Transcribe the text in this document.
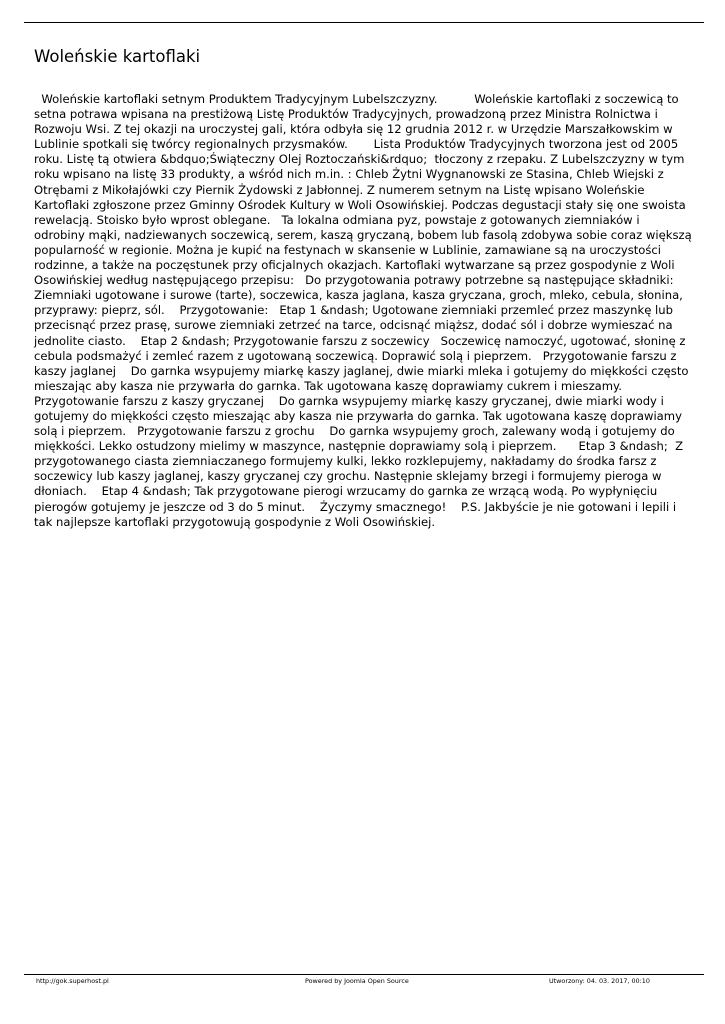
Woleńskie kartoflaki
Woleńskie kartoflaki setnym Produktem Tradycyjnym Lubelszczyzny.          Woleńskie kartoflaki z soczewicą to setna potrawa wpisana na prestiżową Listę Produktów Tradycyjnych, prowadzoną przez Ministra Rolnictwa i Rozwoju Wsi. Z tej okazji na uroczystej gali, która odbyła się 12 grudnia 2012 r. w Urzędzie Marszałkowskim w Lublinie spotkali się twórcy regionalnych przysmaków.       Lista Produktów Tradycyjnych tworzona jest od 2005 roku. Listę tą otwiera &bdquo;Świąteczny Olej Roztoczański&rdquo;  tłoczony z rzepaku. Z Lubelszczyzny w tym roku wpisano na listę 33 produkty, a wśród nich m.in. : Chleb Żytni Wygnanowski ze Stasina, Chleb Wiejski z Otrębami z Mikołajówki czy Piernik Żydowski z Jabłonnej. Z numerem setnym na Listę wpisano Woleńskie Kartoflaki zgłoszone przez Gminny Ośrodek Kultury w Woli Osowińskiej. Podczas degustacji stały się one swoista rewelacją. Stoisko było wprost oblegane.   Ta lokalna odmiana pyz, powstaje z gotowanych ziemniaków i odrobiny mąki, nadziewanych soczewicą, serem, kaszą gryczaną, bobem lub fasolą zdobywa sobie coraz większą popularność w regionie. Można je kupić na festynach w skansenie w Lublinie, zamawiane są na uroczystości rodzinne, a także na poczęstunek przy oficjalnych okazjach. Kartoflaki wytwarzane są przez gospodynie z Woli Osowińskiej według następującego przepisu:   Do przygotowania potrawy potrzebne są następujące składniki:    Ziemniaki ugotowane i surowe (tarte), soczewica, kasza jaglana, kasza gryczana, groch, mleko, cebula, słonina, przyprawy: pieprz, sól.    Przygotowanie:   Etap 1 &ndash; Ugotowane ziemniaki przemleć przez maszynkę lub przecisnąć przez prasę, surowe ziemniaki zetrzeć na tarce, odcisnąć miąższ, dodać sól i dobrze wymieszać na jednolite ciasto.    Etap 2 &ndash; Przygotowanie farszu z soczewicy   Soczewicę namoczyć, ugotować, słoninę z cebula podsmażyć i zemleć razem z ugotowaną soczewicą. Doprawić solą i pieprzem.   Przygotowanie farszu z kaszy jaglanej    Do garnka wsypujemy miarkę kaszy jaglanej, dwie miarki mleka i gotujemy do miękkości często mieszając aby kasza nie przywarła do garnka. Tak ugotowana kaszę doprawiamy cukrem i mieszamy.   Przygotowanie farszu z kaszy gryczanej    Do garnka wsypujemy miarkę kaszy gryczanej, dwie miarki wody i gotujemy do miękkości często mieszając aby kasza nie przywarła do garnka. Tak ugotowana kaszę doprawiamy solą i pieprzem.   Przygotowanie farszu z grochu    Do garnka wsypujemy groch, zalewany wodą i gotujemy do miękkości. Lekko ostudzony mielimy w maszynce, następnie doprawiamy solą i pieprzem.      Etap 3 &ndash;  Z przygotowanego ciasta ziemniaczanego formujemy kulki, lekko rozklepujemy, nakładamy do środka farsz z soczewicy lub kaszy jaglanej, kaszy gryczanej czy grochu. Następnie sklejamy brzegi i formujemy pieroga w dłoniach.    Etap 4 &ndash; Tak przygotowane pierogi wrzucamy do garnka ze wrzącą wodą. Po wypłynięciu pierogów gotujemy je jeszcze od 3 do 5 minut.    Życzymy smacznego!    P.S. Jakbyście je nie gotowani i lepili i tak najlepsze kartoflaki przygotowują gospodynie z Woli Osowińskiej.
http://gok.superhost.pl	Powered by Joomla Open Source	Utworzony: 04. 03. 2017, 00:10
